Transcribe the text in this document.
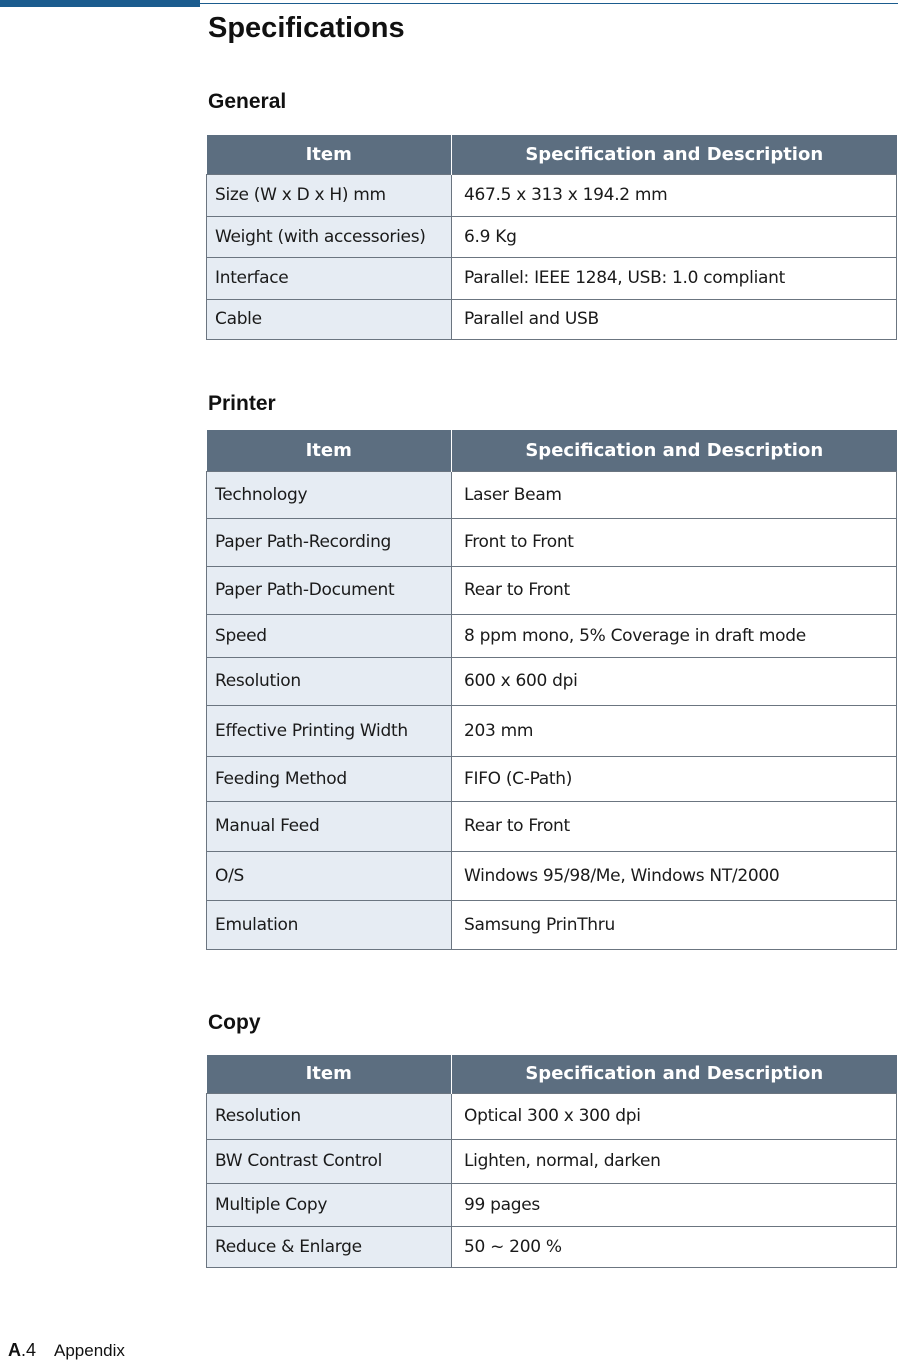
Specifications
General
Item	Specification and Description
Size (W x D x H) mm	467.5 x 313 x 194.2 mm
Weight (with accessories)	6.9 Kg
Interface	Parallel: IEEE 1284, USB: 1.0 compliant
Cable	Parallel and USB
Printer
Item	Specification and Description
Technology	Laser Beam
Paper Path-Recording	Front to Front
Paper Path-Document	Rear to Front
Speed	8 ppm mono, 5% Coverage in draft mode
Resolution	600 x 600 dpi
Effective Printing Width	203 mm
Feeding Method	FIFO (C-Path)
Manual Feed	Rear to Front
O/S	Windows 95/98/Me, Windows NT/2000
Emulation	Samsung PrinThru
Copy
Item	Specification and Description
Resolution	Optical 300 x 300 dpi
BW Contrast Control	Lighten, normal, darken
Multiple Copy	99 pages
Reduce & Enlarge	50 ~ 200 %
A.4 Appendix
